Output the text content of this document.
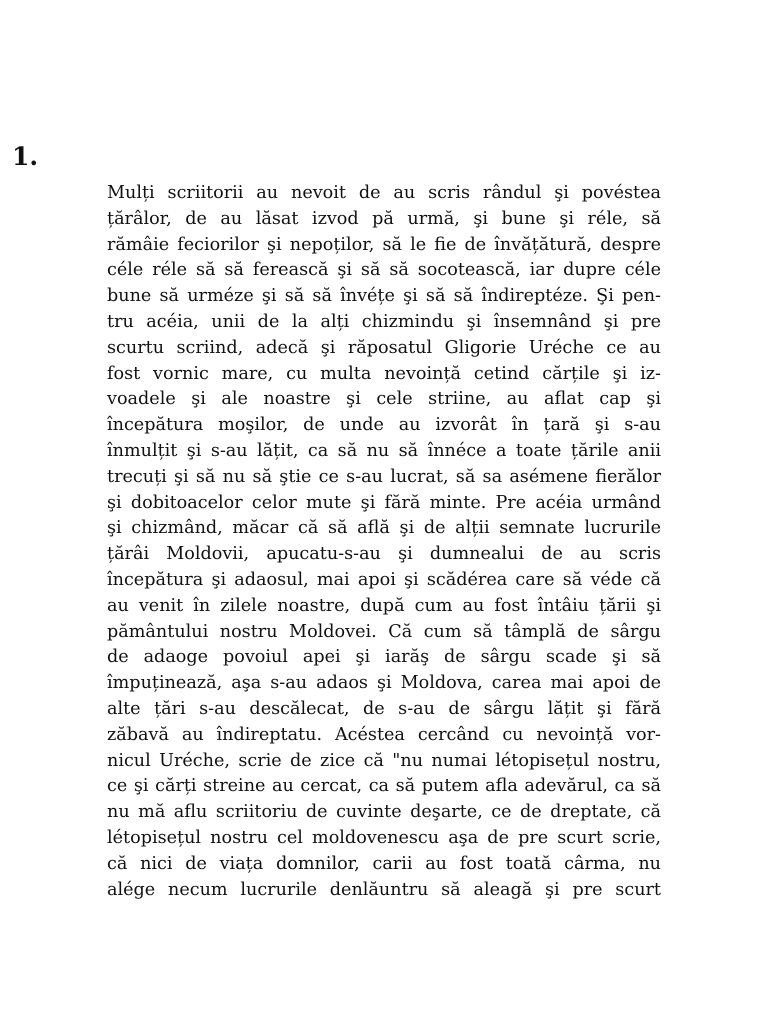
1.
Mulți scriitorii au nevoit de au scris rândul şi povéstea
țărâlor, de au lăsat izvod pă urmă, şi bune şi réle, să
rămâie feciorilor şi nepoților, să le fie de învățătură, despre
céle réle să să ferească şi să să socotească, iar dupre céle
bune să urméze şi să să învéțe şi să să îndireptéze. Şi pen-
tru acéia, unii de la alți chizmindu şi însemnând şi pre
scurtu scriind, adecă şi răposatul Gligorie Uréche ce au
fost vornic mare, cu multa nevoință cetind cărțile şi iz-
voadele şi ale noastre şi cele striine, au aflat cap şi
începătura moşilor, de unde au izvorât în țară şi s-au
înmulțit şi s-au lățit, ca să nu să înnéce a toate țările anii
trecuți şi să nu să ştie ce s-au lucrat, să sa asémene fierălor
şi dobitoacelor celor mute şi fără minte. Pre acéia urmând
şi chizmând, măcar că să află şi de alții semnate lucrurile
țărâi Moldovii, apucatu-s-au şi dumnealui de au scris
începătura şi adaosul, mai apoi şi scădérea care să véde că
au venit în zilele noastre, după cum au fost întâiu țării şi
pământului nostru Moldovei. Că cum să tâmplă de sârgu
de adaoge povoiul apei şi iarăş de sârgu scade şi să
împuținează, aşa s-au adaos şi Moldova, carea mai apoi de
alte țări s-au descălecat, de s-au de sârgu lățit şi fără
zăbavă au îndireptatu. Acéstea cercând cu nevoință vor-
nicul Uréche, scrie de zice că "nu numai létopisețul nostru,
ce şi cărți streine au cercat, ca să putem afla adevărul, ca să
nu mă aflu scriitoriu de cuvinte deşarte, ce de dreptate, că
létopisețul nostru cel moldovenescu aşa de pre scurt scrie,
că nici de viața domnilor, carii au fost toată cârma, nu
alége necum lucrurile denlăuntru să aleagă şi pre scurt
